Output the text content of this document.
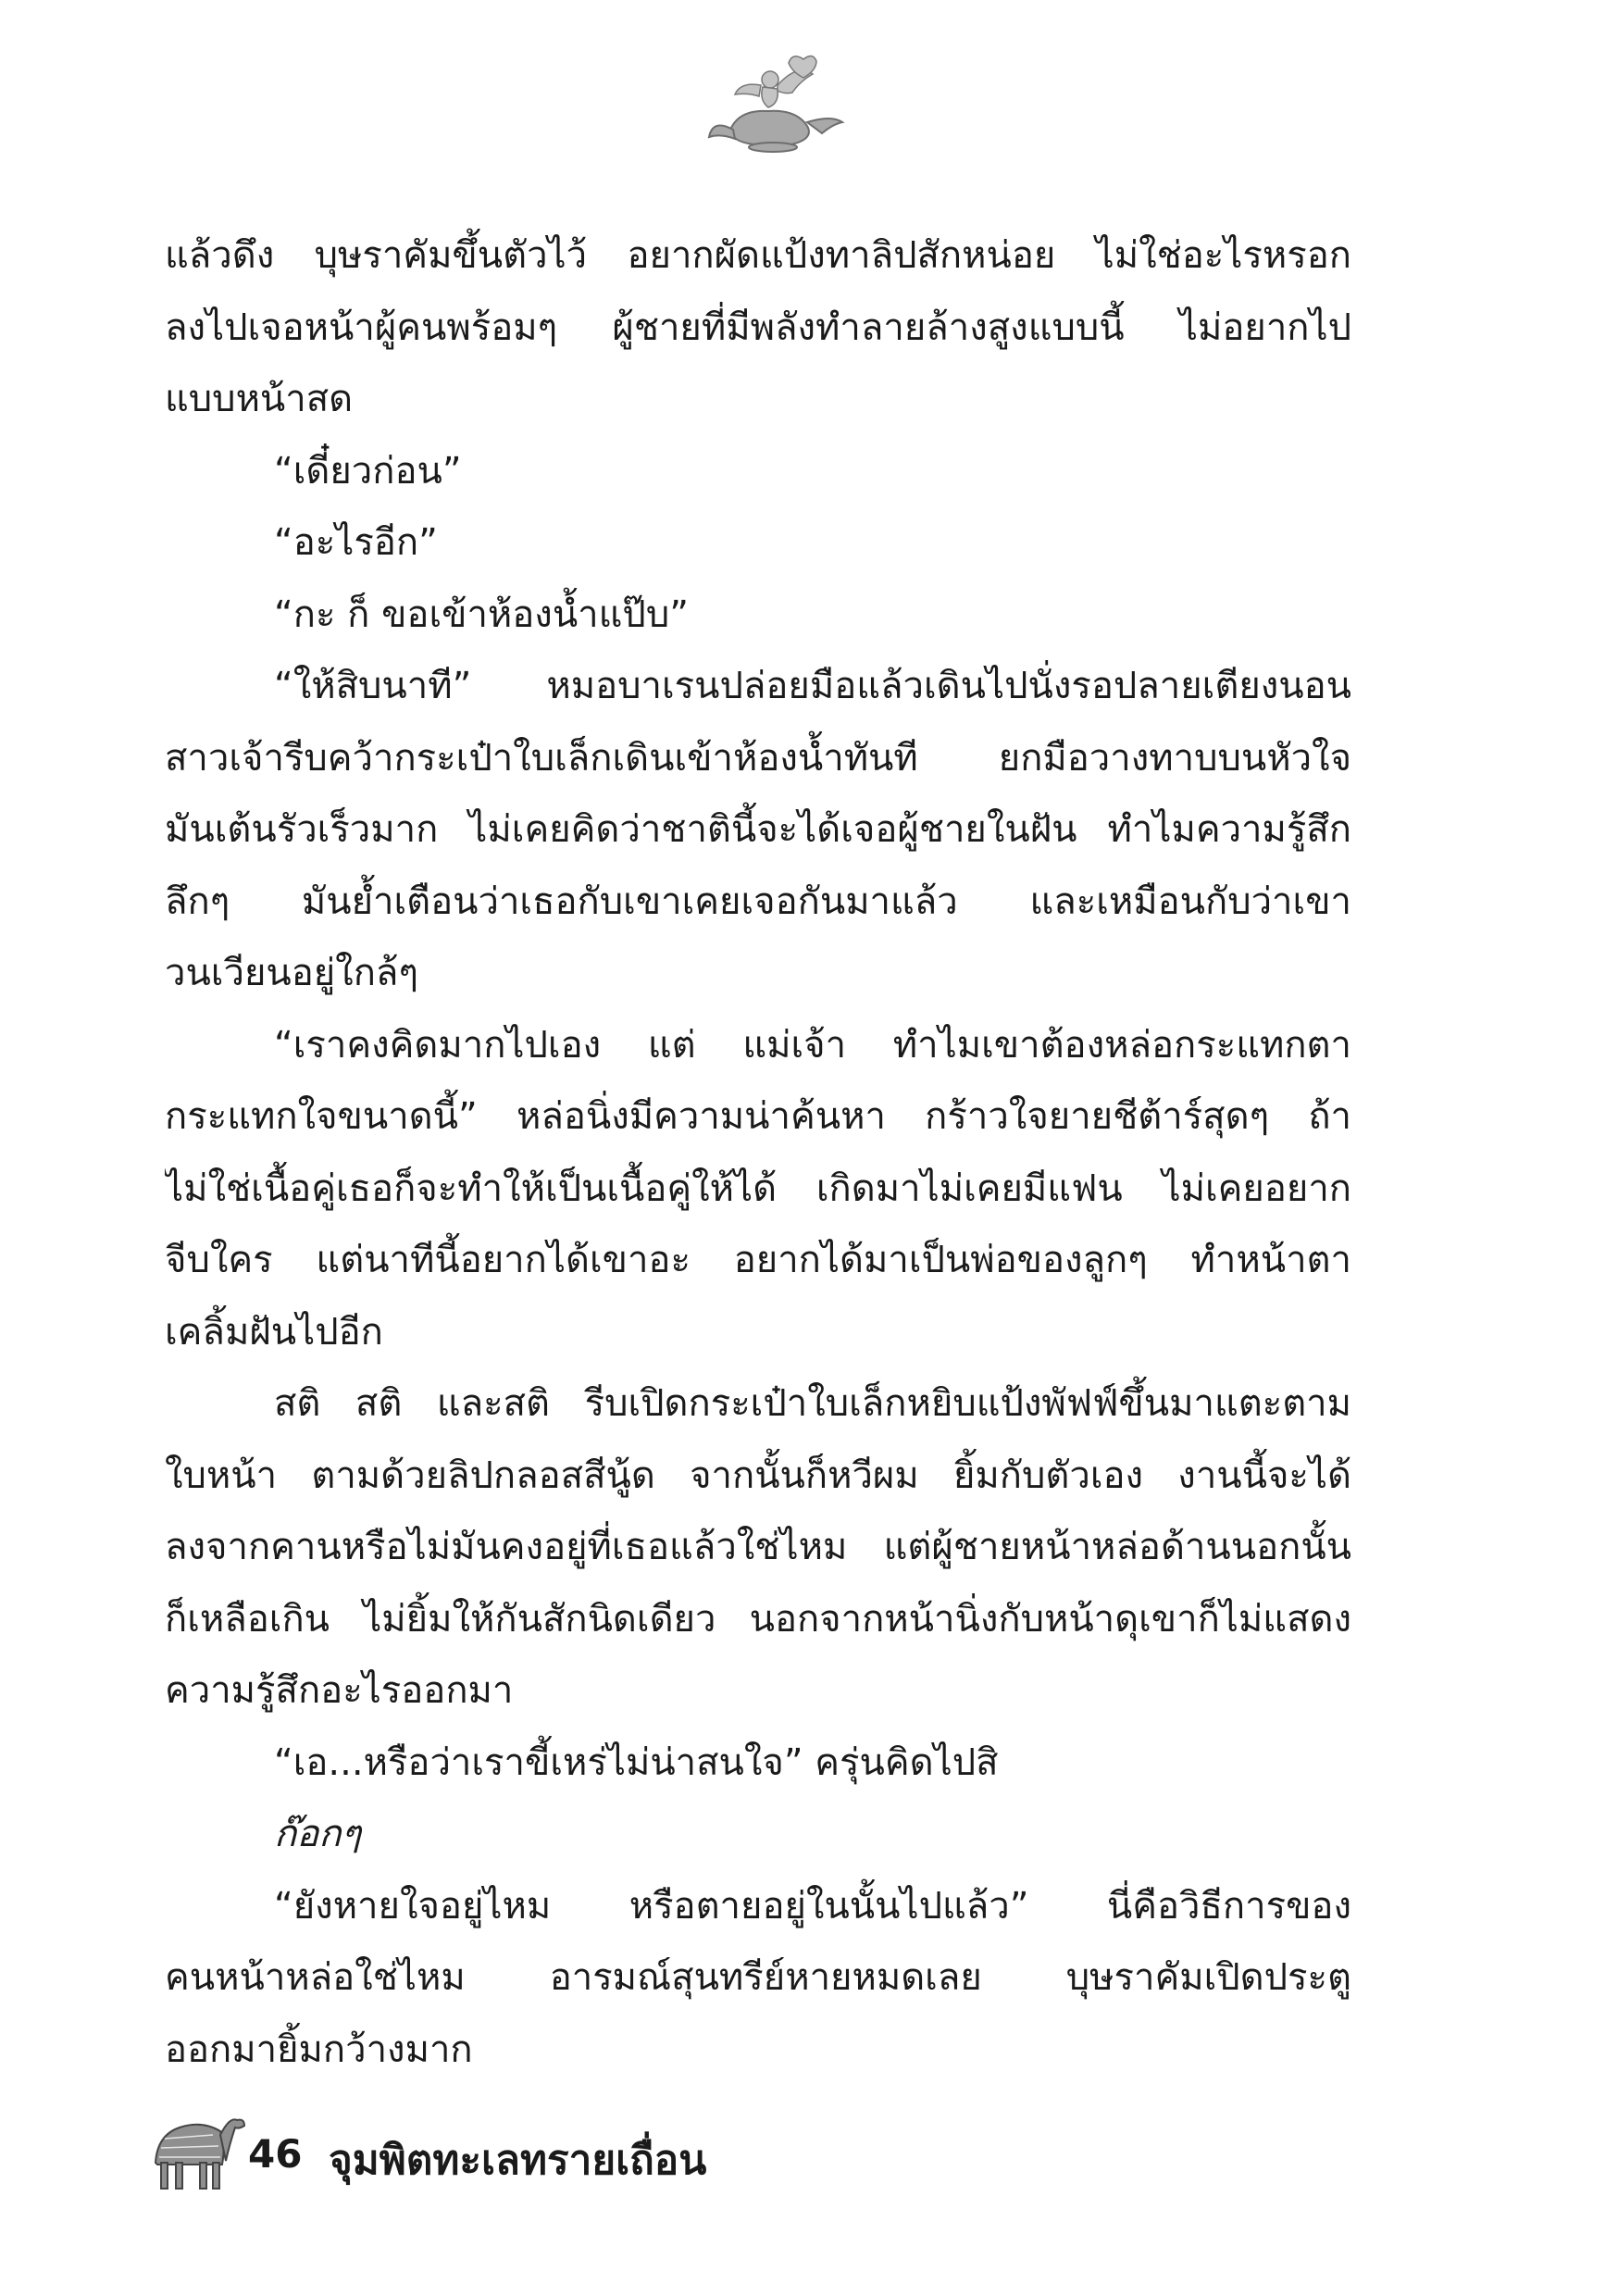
แล้วดึง บุษราคัมขึ้นตัวไว้ อยากผัดแป้งทาลิปสักหน่อย ไม่ใช่อะไรหรอก
ลงไปเจอหน้าผู้คนพร้อมๆ ผู้ชายที่มีพลังทำลายล้างสูงแบบนี้ ไม่อยากไป
แบบหน้าสด
“เดี๋ยวก่อน”
“อะไรอีก”
“กะ ก็ ขอเข้าห้องน้ำแป๊บ”
“ให้สิบนาที” หมอบาเรนปล่อยมือแล้วเดินไปนั่งรอปลายเตียงนอน
สาวเจ้ารีบคว้ากระเป๋าใบเล็กเดินเข้าห้องน้ำทันที ยกมือวางทาบบนหัวใจ
มันเต้นรัวเร็วมาก ไม่เคยคิดว่าชาตินี้จะได้เจอผู้ชายในฝัน ทำไมความรู้สึก
ลึกๆ มันย้ำเตือนว่าเธอกับเขาเคยเจอกันมาแล้ว และเหมือนกับว่าเขา
วนเวียนอยู่ใกล้ๆ
“เราคงคิดมากไปเอง แต่ แม่เจ้า ทำไมเขาต้องหล่อกระแทกตา
กระแทกใจขนาดนี้” หล่อนิ่งมีความน่าค้นหา กร้าวใจยายชีต้าร์สุดๆ ถ้า
ไม่ใช่เนื้อคู่เธอก็จะทำให้เป็นเนื้อคู่ให้ได้ เกิดมาไม่เคยมีแฟน ไม่เคยอยาก
จีบใคร แต่นาทีนี้อยากได้เขาอะ อยากได้มาเป็นพ่อของลูกๆ ทำหน้าตา
เคลิ้มฝันไปอีก
สติ สติ และสติ รีบเปิดกระเป๋าใบเล็กหยิบแป้งพัฟฟ์ขึ้นมาแตะตาม
ใบหน้า ตามด้วยลิปกลอสสีนู้ด จากนั้นก็หวีผม ยิ้มกับตัวเอง งานนี้จะได้
ลงจากคานหรือไม่มันคงอยู่ที่เธอแล้วใช่ไหม แต่ผู้ชายหน้าหล่อด้านนอกนั้น
ก็เหลือเกิน ไม่ยิ้มให้กันสักนิดเดียว นอกจากหน้านิ่งกับหน้าดุเขาก็ไม่แสดง
ความรู้สึกอะไรออกมา
“เอ...หรือว่าเราขี้เหร่ไม่น่าสนใจ” ครุ่นคิดไปสิ
ก๊อกๆ
“ยังหายใจอยู่ไหม หรือตายอยู่ในนั้นไปแล้ว” นี่คือวิธีการของ
คนหน้าหล่อใช่ไหม อารมณ์สุนทรีย์หายหมดเลย บุษราคัมเปิดประตู
ออกมายิ้มกว้างมาก
46 จุมพิตทะเลทรายเถื่อน
